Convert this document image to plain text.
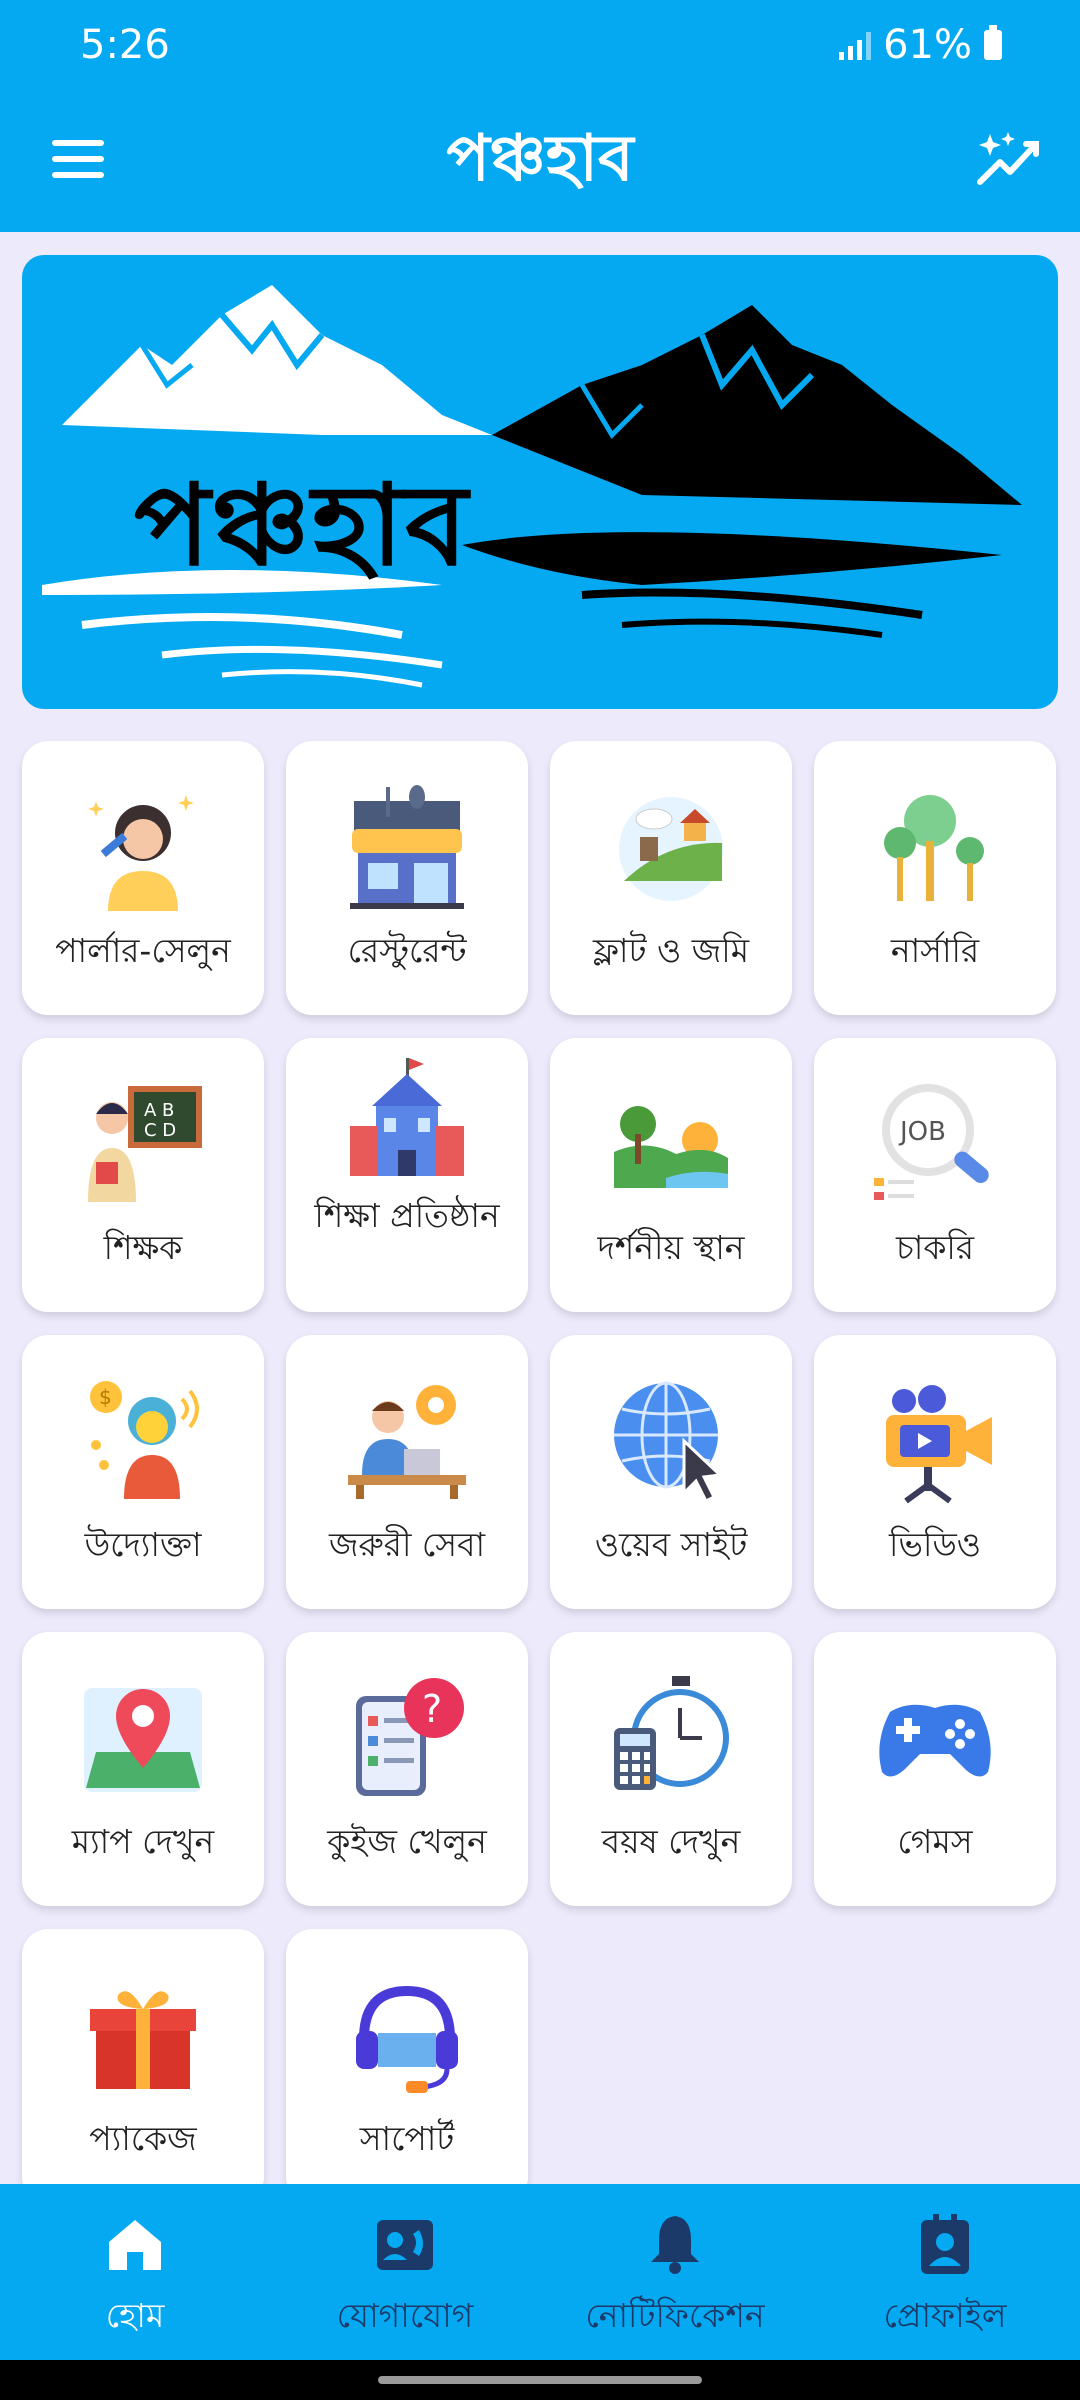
5:26	61%
পঞ্চহাব
পঞ্চহাব
পার্লার-সেলুন	রেস্টুরেন্ট	ফ্লাট ও জমি	নার্সারি
A B
C D
শিক্ষক
শিক্ষা প্রতিষ্ঠান
দর্শনীয় স্থান
JOB
চাকরি
$
উদ্যোক্তা	জরুরী সেবা	ওয়েব সাইট	ভিডিও
ম্যাপ দেখুন
?
কুইজ খেলুন	বয়ষ দেখুন	গেমস
প্যাকেজ	সাপোর্ট
হোম	যোগাযোগ	নোটিফিকেশন	প্রোফাইল
